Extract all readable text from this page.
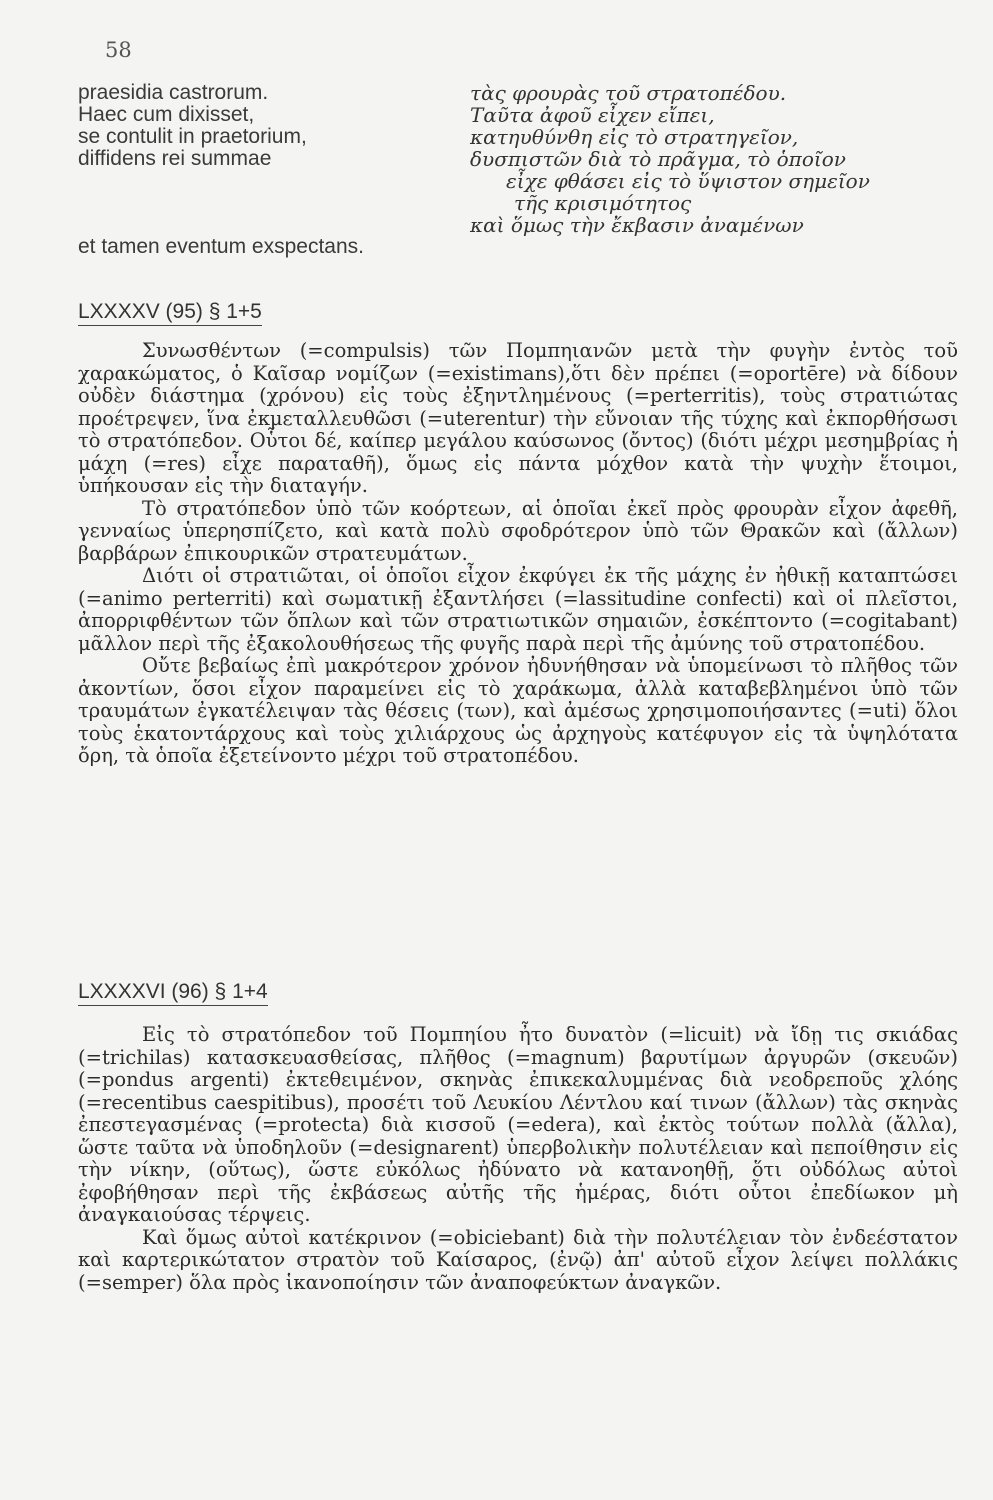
58
praesidia castrorum.
Haec cum dixisset,
se contulit in praetorium,
diffidens rei summae
et tamen eventum exspectans.
τὰς φρουρὰς τοῦ στρατοπέδου.
Ταῦτα ἀφοῦ εἶχεν εἴπει,
κατηυθύνθη εἰς τὸ στρατηγεῖον,
δυσπιστῶν διὰ τὸ πρᾶγμα, τὸ ὁποῖον
εἶχε φθάσει εἰς τὸ ὕψιστον σημεῖον
τῆς κρισιμότητος
καὶ ὅμως τὴν ἔκβασιν ἀναμένων
LXXXXV (95) § 1+5

Συνωσθέντων (=compulsis) τῶν Πομπηιανῶν μετὰ τὴν φυγὴν ἐντὸς τοῦ χαρακώματος, ὁ Καῖσαρ νομίζων (=existimans),ὅτι δὲν πρέπει (=oportēre) νὰ δίδουν οὐδὲν διάστημα (χρόνου) εἰς τοὺς ἐξηντλημένους (=perterritis), τοὺς στρατιώτας προέτρεψεν, ἵνα ἐκμεταλλευθῶσι (=uterentur) τὴν εὔνοιαν τῆς τύχης καὶ ἐκπορθήσωσι τὸ στρατόπεδον. Οὗτοι δέ, καίπερ μεγάλου καύσωνος (ὄντος) (διότι μέχρι μεσημβρίας ἡ μάχη (=res) εἶχε παραταθῆ), ὅμως εἰς πάντα μόχθον κατὰ τὴν ψυχὴν ἕτοιμοι, ὑπήκουσαν εἰς τὴν διαταγήν.

Τὸ στρατόπεδον ὑπὸ τῶν κοόρτεων, αἱ ὁποῖαι ἐκεῖ πρὸς φρουρὰν εἶχον ἀφεθῆ, γενναίως ὑπερησπίζετο, καὶ κατὰ πολὺ σφοδρότερον ὑπὸ τῶν Θρακῶν καὶ (ἄλλων) βαρβάρων ἐπικουρικῶν στρατευμάτων.

Διότι οἱ στρατιῶται, οἱ ὁποῖοι εἶχον ἐκφύγει ἐκ τῆς μάχης ἐν ἠθικῇ καταπτώσει (=animo perterriti) καὶ σωματικῇ ἐξαντλήσει (=lassitudine confecti) καὶ οἱ πλεῖστοι, ἀπορριφθέντων τῶν ὅπλων καὶ τῶν στρατιωτικῶν σημαιῶν, ἐσκέπτοντο (=cogitabant) μᾶλλον περὶ τῆς ἐξακολουθήσεως τῆς φυγῆς παρὰ περὶ τῆς ἀμύνης τοῦ στρατοπέδου.

Οὔτε βεβαίως ἐπὶ μακρότερον χρόνον ἠδυνήθησαν νὰ ὑπομείνωσι τὸ πλῆθος τῶν ἀκοντίων, ὅσοι εἶχον παραμείνει εἰς τὸ χαράκωμα, ἀλλὰ καταβεβλημένοι ὑπὸ τῶν τραυμάτων ἐγκατέλειψαν τὰς θέσεις (των), καὶ ἀμέσως χρησιμοποιήσαντες (=uti) ὅλοι τοὺς ἑκατοντάρχους καὶ τοὺς χιλιάρχους ὡς ἀρχηγοὺς κατέφυγον εἰς τὰ ὑψηλότατα ὄρη, τὰ ὁποῖα ἐξετείνοντο μέχρι τοῦ στρατοπέδου.

LXXXXVI (96) § 1+4

Εἰς τὸ στρατόπεδον τοῦ Πομπηίου ἦτο δυνατὸν (=licuit) νὰ ἴδῃ τις σκιάδας (=trichilas) κατασκευασθείσας, πλῆθος (=magnum) βαρυτίμων ἀργυρῶν (σκευῶν) (=pondus argenti) ἐκτεθειμένον, σκηνὰς ἐπικεκαλυμμένας διὰ νεοδρεποῦς χλόης (=recentibus caespitibus), προσέτι τοῦ Λευκίου Λέντλου καί τινων (ἄλλων) τὰς σκηνὰς ἐπεστεγασμένας (=protecta) διὰ κισσοῦ (=edera), καὶ ἐκτὸς τούτων πολλὰ (ἄλλα), ὥστε ταῦτα νὰ ὑποδηλοῦν (=designarent) ὑπερβολικὴν πολυτέλειαν καὶ πεποίθησιν εἰς τὴν νίκην, (οὕτως), ὥστε εὐκόλως ἠδύνατο νὰ κατανοηθῇ, ὅτι οὐδόλως αὐτοὶ ἐφοβήθησαν περὶ τῆς ἐκβάσεως αὐτῆς τῆς ἡμέρας, διότι οὗτοι ἐπεδίωκον μὴ ἀναγκαιούσας τέρψεις.

Καὶ ὅμως αὐτοὶ κατέκρινον (=obiciebant) διὰ τὴν πολυτέλειαν τὸν ἐνδεέστατον καὶ καρτερικώτατον στρατὸν τοῦ Καίσαρος, (ἐνῷ) ἀπ' αὐτοῦ εἶχον λείψει πολλάκις (=semper) ὅλα πρὸς ἱκανοποίησιν τῶν ἀναποφεύκτων ἀναγκῶν.
